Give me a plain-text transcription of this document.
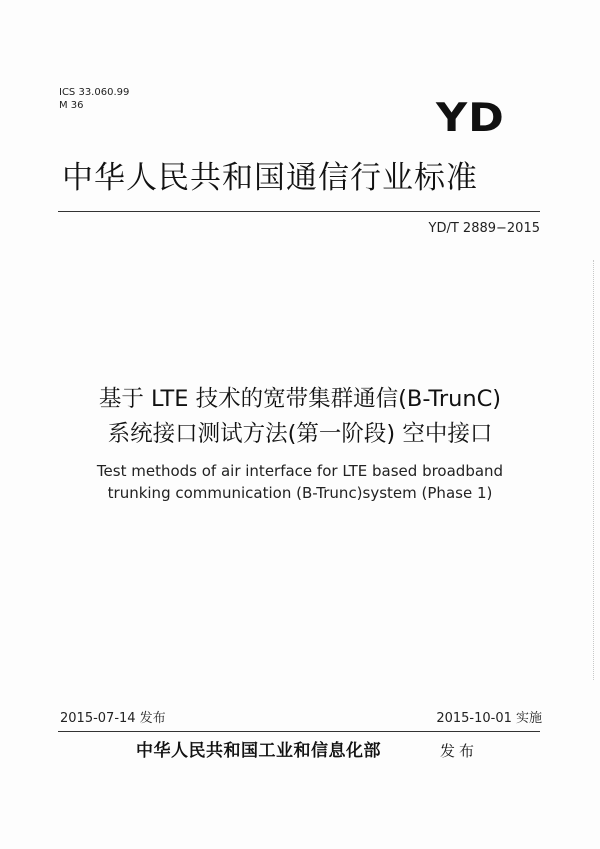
ICS 33.060.99
M 36	YD
中华人民共和国通信行业标准
YD/T 2889−2015
基于 LTE 技术的宽带集群通信(B-TrunC)
系统接口测试方法(第一阶段) 空中接口
Test methods of air interface for LTE based broadband
trunking communication (B-Trunc)system (Phase 1)
2015-07-14 发布	2015-10-01 实施
中华人民共和国工业和信息化部	发布
